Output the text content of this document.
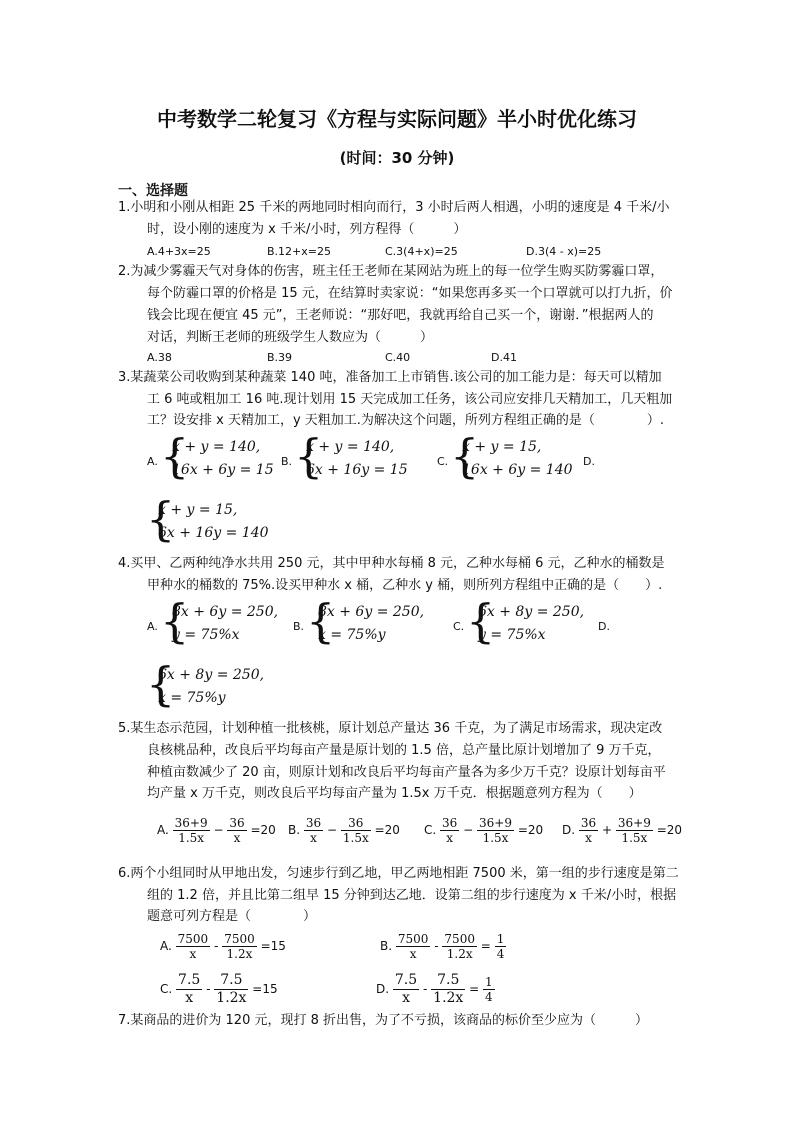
中考数学二轮复习《方程与实际问题》半小时优化练习
(时间：30 分钟)
一、选择题
1.小明和小刚从相距 25 千米的两地同时相向而行，3 小时后两人相遇，小明的速度是 4 千米/小
时，设小刚的速度为 x 千米/小时，列方程得（　　　）
A.4+3x=25	B.12+x=25	C.3(4+x)=25	D.3(4 - x)=25
2.为减少雾霾天气对身体的伤害，班主任王老师在某网站为班上的每一位学生购买防雾霾口罩，
每个防霾口罩的价格是 15 元，在结算时卖家说：“如果您再多买一个口罩就可以打九折，价
钱会比现在便宜 45 元”，王老师说：“那好吧，我就再给自己买一个，谢谢．”根据两人的
对话，判断王老师的班级学生人数应为（　　　）
A.38	B.39	C.40	D.41
3.某蔬菜公司收购到某种蔬菜 140 吨，准备加工上市销售.该公司的加工能力是：每天可以精加
工 6 吨或粗加工 16 吨.现计划用 15 天完成加工任务，该公司应安排几天精加工，几天粗加
工？设安排 x 天精加工，y 天粗加工.为解决这个问题，所列方程组正确的是（　　　　）.
A. {
x + y = 140,
16x + 6y = 15
B. {
x + y = 140,
6x + 16y = 15
C. {
x + y = 15,
16x + 6y = 140
D.
{
x + y = 15,
6x + 16y = 140
4.买甲、乙两种纯净水共用 250 元，其中甲种水每桶 8 元，乙种水每桶 6 元，乙种水的桶数是
甲种水的桶数的 75%.设买甲种水 x 桶，乙种水 y 桶，则所列方程组中正确的是（　　）.
A. {
8x + 6y = 250,
y = 75%x
B. {
8x + 6y = 250,
x = 75%y
C. {
6x + 8y = 250,
y = 75%x
D.
{
6x + 8y = 250,
x = 75%y
5.某生态示范园，计划种植一批核桃，原计划总产量达 36 千克，为了满足市场需求，现决定改
良核桃品种，改良后平均每亩产量是原计划的 1.5 倍，总产量比原计划增加了 9 万千克，
种植亩数减少了 20 亩，则原计划和改良后平均每亩产量各为多少万千克？设原计划每亩平
均产量 x 万千克，则改良后平均每亩产量为 1.5x 万千克．根据题意列方程为（　　）
A. $\frac{36+9}{1.5x} - \frac{36}{x} =20$ B. $\frac{36}{x} - \frac{36}{1.5x} =20$ C. $\frac{36}{x} - \frac{36+9}{1.5x} =20$ D. $\frac{36}{x} + \frac{36+9}{1.5x} =20$
6.两个小组同时从甲地出发，匀速步行到乙地，甲乙两地相距 7500 米，第一组的步行速度是第二
组的 1.2 倍，并且比第二组早 15 分钟到达乙地．设第二组的步行速度为 x 千米/小时，根据
题意可列方程是（　　　　）
A. $\frac{7500}{x} - \frac{7500}{1.2x} =15$	B. $\frac{7500}{x} - \frac{7500}{1.2x} = \frac{1}{4}$
C. $\frac{7.5}{x} - \frac{7.5}{1.2x} =15$	D. $\frac{7.5}{x} - \frac{7.5}{1.2x} = \frac{1}{4}$
7.某商品的进价为 120 元，现打 8 折出售，为了不亏损，该商品的标价至少应为（　　　）
